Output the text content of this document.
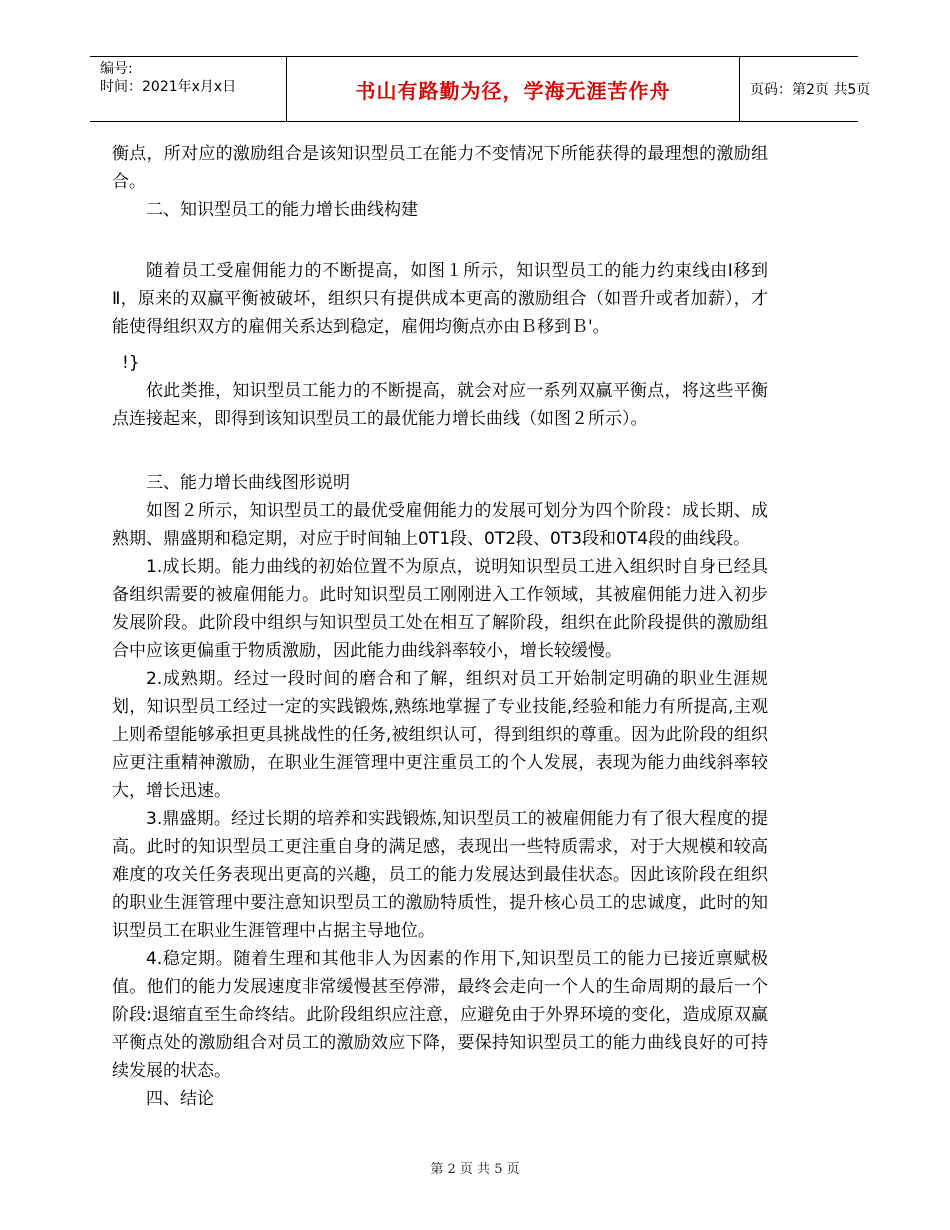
编号:
时间：2021年x月x日	书山有路勤为径，学海无涯苦作舟	页码：第2页 共5页

衡点，所对应的激励组合是该知识型员工在能力不变情况下所能获得的最理想的激励组合。

二、知识型员工的能力增长曲线构建

随着员工受雇佣能力的不断提高，如图１所示，知识型员工的能力约束线由Ⅰ移到Ⅱ，原来的双赢平衡被破坏，组织只有提供成本更高的激励组合（如晋升或者加薪），才能使得组织双方的雇佣关系达到稳定，雇佣均衡点亦由Ｂ移到Ｂ'。

!}

依此类推，知识型员工能力的不断提高，就会对应一系列双赢平衡点，将这些平衡点连接起来，即得到该知识型员工的最优能力增长曲线（如图２所示）。

三、能力增长曲线图形说明

如图２所示，知识型员工的最优受雇佣能力的发展可划分为四个阶段：成长期、成熟期、鼎盛期和稳定期，对应于时间轴上0T1段、0T2段、0T3段和0T4段的曲线段。

1.成长期。能力曲线的初始位置不为原点，说明知识型员工进入组织时自身已经具备组织需要的被雇佣能力。此时知识型员工刚刚进入工作领域，其被雇佣能力进入初步发展阶段。此阶段中组织与知识型员工处在相互了解阶段，组织在此阶段提供的激励组合中应该更偏重于物质激励，因此能力曲线斜率较小，增长较缓慢。

2.成熟期。经过一段时间的磨合和了解，组织对员工开始制定明确的职业生涯规划，知识型员工经过一定的实践锻炼,熟练地掌握了专业技能,经验和能力有所提高,主观上则希望能够承担更具挑战性的任务,被组织认可，得到组织的尊重。因为此阶段的组织应更注重精神激励，在职业生涯管理中更注重员工的个人发展，表现为能力曲线斜率较大，增长迅速。

3.鼎盛期。经过长期的培养和实践锻炼,知识型员工的被雇佣能力有了很大程度的提高。此时的知识型员工更注重自身的满足感，表现出一些特质需求，对于大规模和较高难度的攻关任务表现出更高的兴趣，员工的能力发展达到最佳状态。因此该阶段在组织的职业生涯管理中要注意知识型员工的激励特质性，提升核心员工的忠诚度，此时的知识型员工在职业生涯管理中占据主导地位。

4.稳定期。随着生理和其他非人为因素的作用下,知识型员工的能力已接近禀赋极值。他们的能力发展速度非常缓慢甚至停滞，最终会走向一个人的生命周期的最后一个阶段:退缩直至生命终结。此阶段组织应注意，应避免由于外界环境的变化，造成原双赢平衡点处的激励组合对员工的激励效应下降，要保持知识型员工的能力曲线良好的可持续发展的状态。

四、结论

第 2 页 共 5 页
